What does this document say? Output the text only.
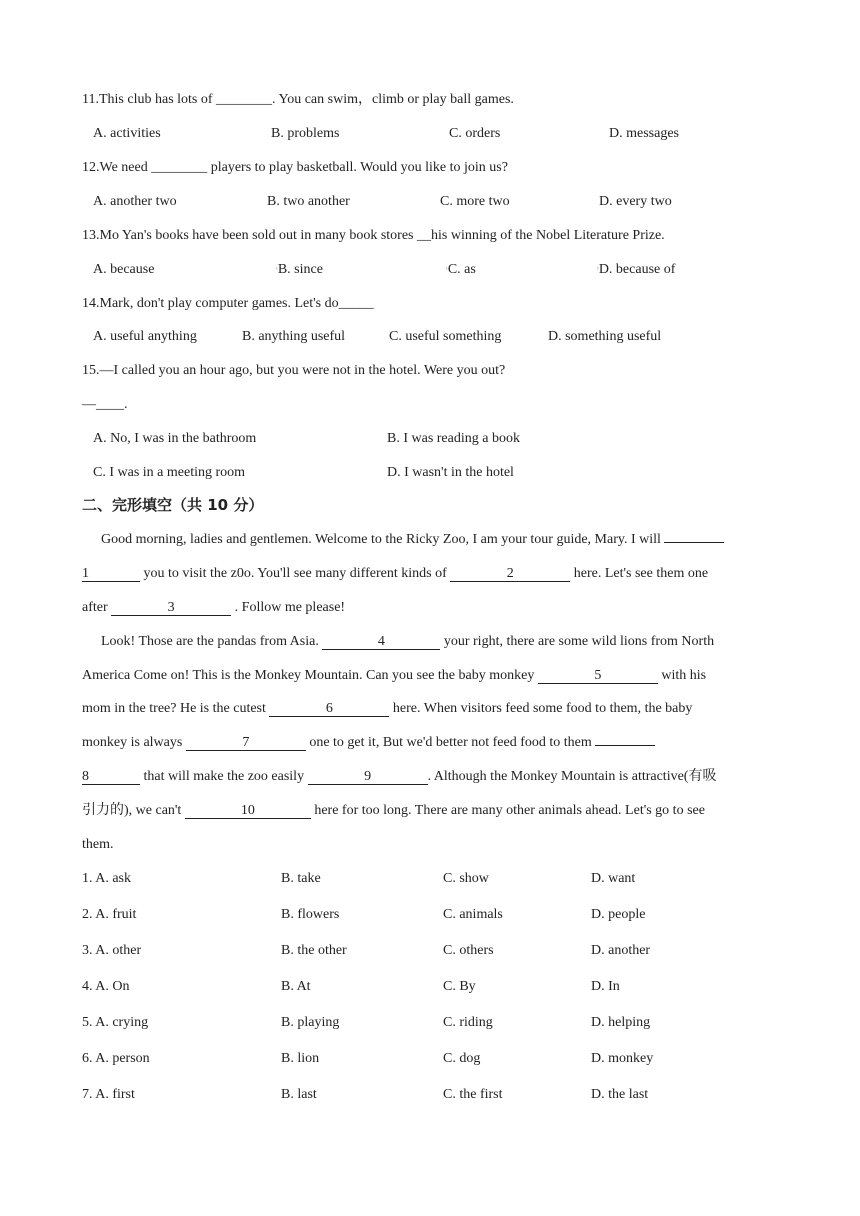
11.This club has lots of ________. You can swim，climb or play ball games.
A. activities	B. problems	C. orders	D. messages
12.We need ________ players to play basketball. Would you like to join us?
A. another two	B. two another	C. more two	D. every two
13.Mo Yan's books have been sold out in many book stores __his winning of the Nobel Literature Prize.
A. because	$^{^1}$B. since	$^{^1}$C. as	$^{^1}$D. because of
14.Mark, don't play computer games. Let's do_____
A. useful anything	B. anything useful	C. useful something	D. something useful
15.—I called you an hour ago, but you were not in the hotel. Were you out?
—____.
A. No, I was in the bathroom	B. I was reading a book
C. I was in a meeting room	D. I wasn't in the hotel
二、完形填空（共 10 分）
Good morning, ladies and gentlemen. Welcome to the Ricky Zoo, I am your tour guide, Mary. I will
1	you to visit the z0o. You'll see many different kinds of	2	here. Let's see them one
after	3	. Follow me please!
Look! Those are the pandas from Asia.	4	your right, there are some wild lions from North
America Come on! This is the Monkey Mountain. Can you see the baby monkey	5	with his
mom in the tree? He is the cutest	6	here. When visitors feed some food to them, the baby
monkey is always	7	one to get it, But we'd better not feed food to them
8	that will make the zoo easily	9	. Although the Monkey Mountain is attractive(有吸
引力的), we can't	10	here for too long. There are many other animals ahead. Let's go to see
them.
1. A. ask	B. take	C. show	D. want
2. A. fruit	B. flowers	C. animals	D. people
3. A. other	B. the other	C. others	D. another
4. A. On	B. At	C. By	D. In
5. A. crying	B. playing	C. riding	D. helping
6. A. person	B. lion	C. dog	D. monkey
7. A. first	B. last	C. the first	D. the last
